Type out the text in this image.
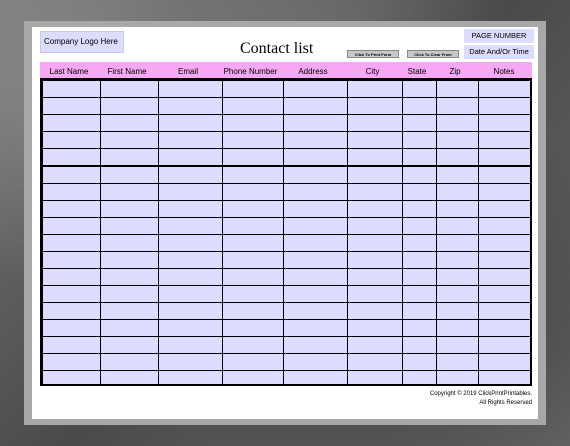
Company Logo Here	Contact list	Click To Print Form	Click To Clear From
PAGE NUMBER
Date And/Or Time
Last Name	First Name	Email	Phone Number	Address	City	State	Zip	Notes

Copyright © 2019 ClickPrintPrintables.
All Rights Reserved
